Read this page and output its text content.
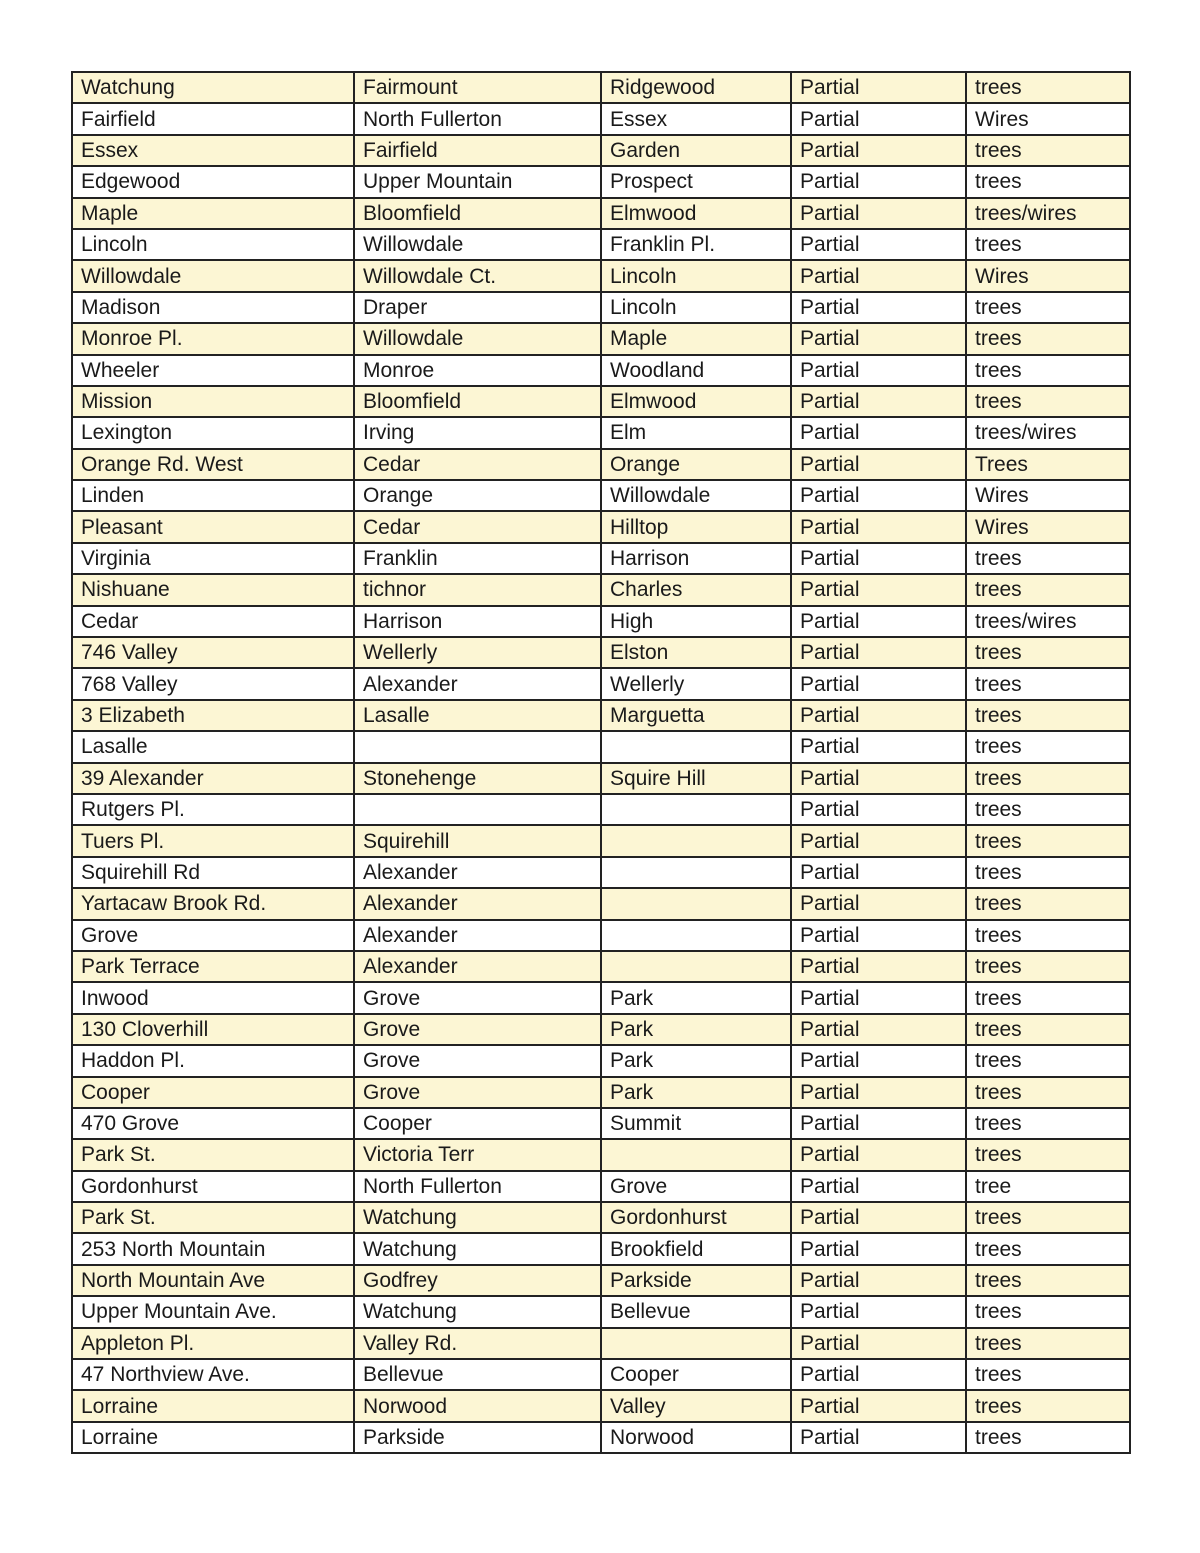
Watchung	Fairmount	Ridgewood	Partial	trees
Fairfield	North Fullerton	Essex	Partial	Wires
Essex	Fairfield	Garden	Partial	trees
Edgewood	Upper Mountain	Prospect	Partial	trees
Maple	Bloomfield	Elmwood	Partial	trees/wires
Lincoln	Willowdale	Franklin Pl.	Partial	trees
Willowdale	Willowdale Ct.	Lincoln	Partial	Wires
Madison	Draper	Lincoln	Partial	trees
Monroe Pl.	Willowdale	Maple	Partial	trees
Wheeler	Monroe	Woodland	Partial	trees
Mission	Bloomfield	Elmwood	Partial	trees
Lexington	Irving	Elm	Partial	trees/wires
Orange Rd. West	Cedar	Orange	Partial	Trees
Linden	Orange	Willowdale	Partial	Wires
Pleasant	Cedar	Hilltop	Partial	Wires
Virginia	Franklin	Harrison	Partial	trees
Nishuane	tichnor	Charles	Partial	trees
Cedar	Harrison	High	Partial	trees/wires
746 Valley	Wellerly	Elston	Partial	trees
768 Valley	Alexander	Wellerly	Partial	trees
3 Elizabeth	Lasalle	Marguetta	Partial	trees
Lasalle			Partial	trees
39 Alexander	Stonehenge	Squire Hill	Partial	trees
Rutgers Pl.			Partial	trees
Tuers Pl.	Squirehill		Partial	trees
Squirehill Rd	Alexander		Partial	trees
Yartacaw Brook Rd.	Alexander		Partial	trees
Grove	Alexander		Partial	trees
Park Terrace	Alexander		Partial	trees
Inwood	Grove	Park	Partial	trees
130 Cloverhill	Grove	Park	Partial	trees
Haddon Pl.	Grove	Park	Partial	trees
Cooper	Grove	Park	Partial	trees
470 Grove	Cooper	Summit	Partial	trees
Park St.	Victoria Terr		Partial	trees
Gordonhurst	North Fullerton	Grove	Partial	tree
Park St.	Watchung	Gordonhurst	Partial	trees
253 North Mountain	Watchung	Brookfield	Partial	trees
North Mountain Ave	Godfrey	Parkside	Partial	trees
Upper Mountain Ave.	Watchung	Bellevue	Partial	trees
Appleton Pl.	Valley Rd.		Partial	trees
47 Northview Ave.	Bellevue	Cooper	Partial	trees
Lorraine	Norwood	Valley	Partial	trees
Lorraine	Parkside	Norwood	Partial	trees
